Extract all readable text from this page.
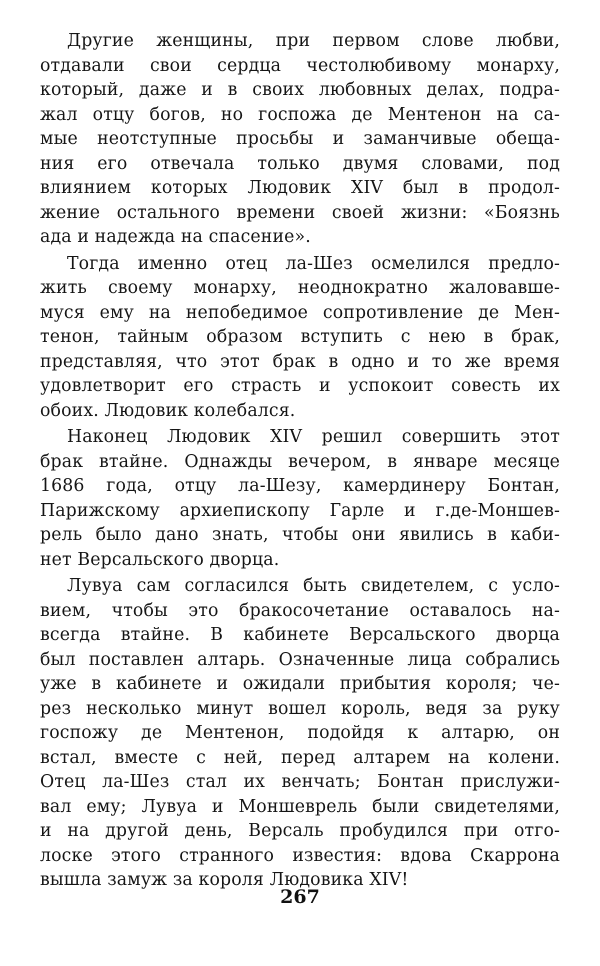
Другие женщины, при первом слове любви,
отдавали свои сердца честолюбивому монарху,
который, даже и в своих любовных делах, подра-
жал отцу богов, но госпожа де Ментенон на са-
мые неотступные просьбы и заманчивые обеща-
ния его отвечала только двумя словами, под
влиянием которых Людовик XIV был в продол-
жение остального времени своей жизни: «Боязнь
ада и надежда на спасение».

Тогда именно отец ла-Шез осмелился предло-
жить своему монарху, неоднократно жаловавше-
муся ему на непобедимое сопротивление де Мен-
тенон, тайным образом вступить с нею в брак,
представляя, что этот брак в одно и то же время
удовлетворит его страсть и успокоит совесть их
обоих. Людовик колебался.

Наконец Людовик XIV решил совершить этот
брак втайне. Однажды вечером, в январе месяце
1686 года, отцу ла-Шезу, камердинеру Бонтан,
Парижскому архиепископу Гарле и г.де-Моншев-
рель было дано знать, чтобы они явились в каби-
нет Версальского дворца.

Лувуа сам согласился быть свидетелем, с усло-
вием, чтобы это бракосочетание оставалось на-
всегда втайне. В кабинете Версальского дворца
был поставлен алтарь. Означенные лица собрались
уже в кабинете и ожидали прибытия короля; че-
рез несколько минут вошел король, ведя за руку
госпожу де Ментенон, подойдя к алтарю, он
встал, вместе с ней, перед алтарем на колени.
Отец ла-Шез стал их венчать; Бонтан прислужи-
вал ему; Лувуа и Моншеврель были свидетелями,
и на другой день, Версаль пробудился при отго-
лоске этого странного известия: вдова Скаррона
вышла замуж за короля Людовика XIV!

267
